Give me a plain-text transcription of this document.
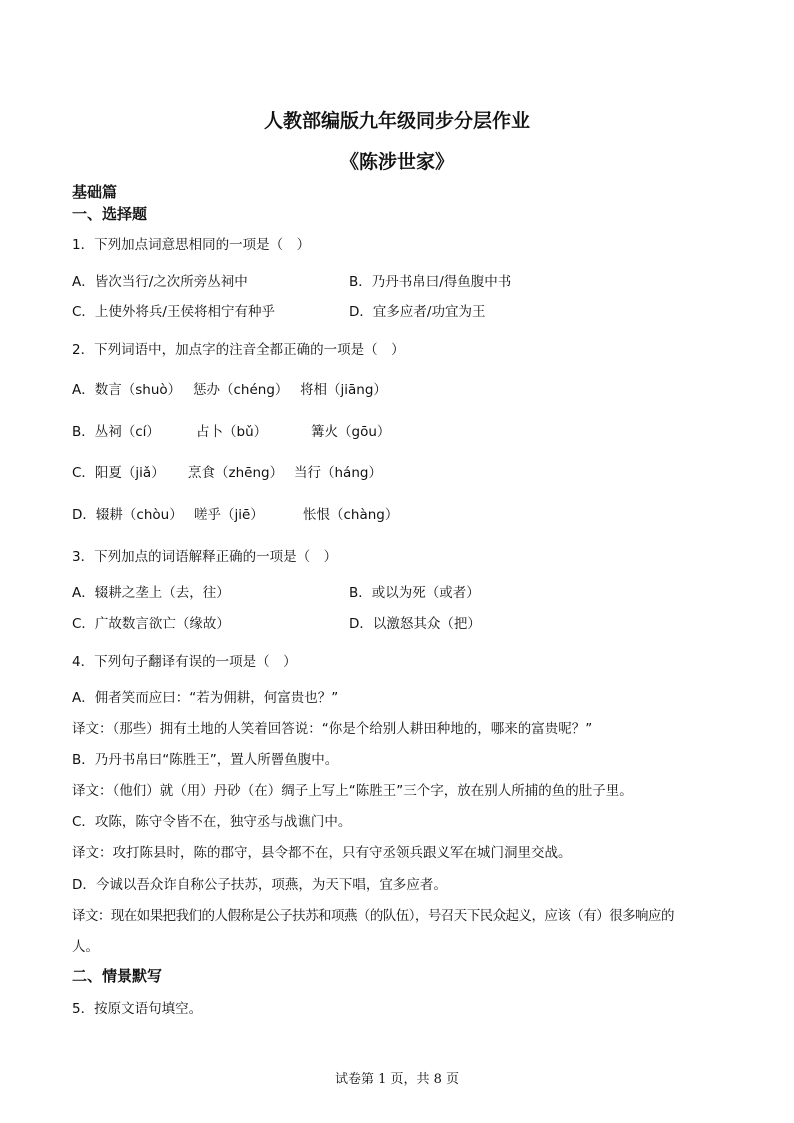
人教部编版九年级同步分层作业
《陈涉世家》
基础篇
一、选择题
1．下列加点词意思相同的一项是（　）
A．皆次当行/之次所旁丛祠中	B．乃丹书帛曰/得鱼腹中书
C．上使外将兵/王侯将相宁有种乎	D．宜多应者/功宜为王
2．下列词语中，加点字的注音全都正确的一项是（　）
A．数言（shuò） 惩办（chéng） 将相（jiāng）
B．丛祠（cí）	占卜（bǔ）	篝火（gōu）
C．阳夏（jiǎ） 烹食（zhēng） 当行（háng）
D．辍耕（chòu） 嗟乎（jiē）	怅恨（chàng）
3．下列加点的词语解释正确的一项是（　）
A．辍耕之垄上（去，往）	B．或以为死（或者）
C．广故数言欲亡（缘故）	D．以激怒其众（把）
4．下列句子翻译有误的一项是（　）
A．佣者笑而应曰：“若为佣耕，何富贵也？”
译文：（那些）拥有土地的人笑着回答说：“你是个给别人耕田种地的，哪来的富贵呢？”
B．乃丹书帛曰“陈胜王”，置人所罾鱼腹中。
译文：（他们）就（用）丹砂（在）绸子上写上“陈胜王”三个字，放在别人所捕的鱼的肚子里。
C．攻陈，陈守令皆不在，独守丞与战谯门中。
译文：攻打陈县时，陈的郡守，县令都不在，只有守丞领兵跟义军在城门洞里交战。
D．今诚以吾众诈自称公子扶苏，项燕，为天下唱，宜多应者。
译文：现在如果把我们的人假称是公子扶苏和项燕（的队伍），号召天下民众起义，应该（有）很多响应的
人。
二、情景默写
5．按原文语句填空。
试卷第 1 页，共 8 页
